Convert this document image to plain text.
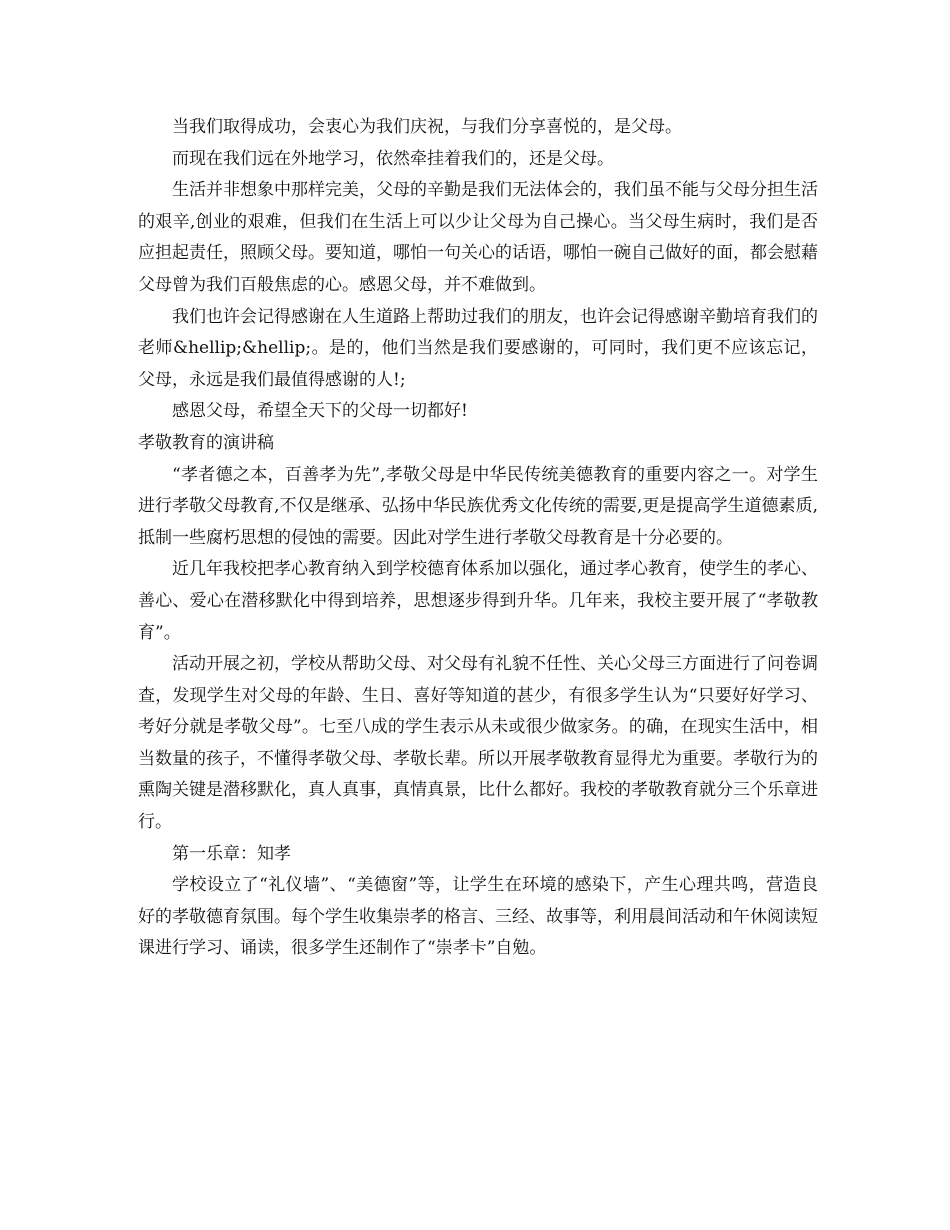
当我们取得成功，会衷心为我们庆祝，与我们分享喜悦的，是父母。

而现在我们远在外地学习，依然牵挂着我们的，还是父母。

生活并非想象中那样完美，父母的辛勤是我们无法体会的，我们虽不能与父母分担生活的艰辛,创业的艰难，但我们在生活上可以少让父母为自己操心。当父母生病时，我们是否应担起责任，照顾父母。要知道，哪怕一句关心的话语，哪怕一碗自己做好的面，都会慰藉父母曾为我们百般焦虑的心。感恩父母，并不难做到。

我们也许会记得感谢在人生道路上帮助过我们的朋友，也许会记得感谢辛勤培育我们的老师&hellip;&hellip;。是的，他们当然是我们要感谢的，可同时，我们更不应该忘记，父母，永远是我们最值得感谢的人!;

感恩父母，希望全天下的父母一切都好!

孝敬教育的演讲稿

“孝者德之本，百善孝为先”,孝敬父母是中华民传统美德教育的重要内容之一。对学生进行孝敬父母教育,不仅是继承、弘扬中华民族优秀文化传统的需要,更是提高学生道德素质,抵制一些腐朽思想的侵蚀的需要。因此对学生进行孝敬父母教育是十分必要的。

近几年我校把孝心教育纳入到学校德育体系加以强化，通过孝心教育，使学生的孝心、善心、爱心在潜移默化中得到培养，思想逐步得到升华。几年来，我校主要开展了“孝敬教育”。

活动开展之初，学校从帮助父母、对父母有礼貌不任性、关心父母三方面进行了问卷调查，发现学生对父母的年龄、生日、喜好等知道的甚少，有很多学生认为“只要好好学习、考好分就是孝敬父母”。七至八成的学生表示从未或很少做家务。的确，在现实生活中，相当数量的孩子，不懂得孝敬父母、孝敬长辈。所以开展孝敬教育显得尤为重要。孝敬行为的熏陶关键是潜移默化，真人真事，真情真景，比什么都好。我校的孝敬教育就分三个乐章进行。

第一乐章：知孝

学校设立了“礼仪墙”、“美德窗”等，让学生在环境的感染下，产生心理共鸣，营造良好的孝敬德育氛围。每个学生收集崇孝的格言、三经、故事等，利用晨间活动和午休阅读短课进行学习、诵读，很多学生还制作了“崇孝卡”自勉。
